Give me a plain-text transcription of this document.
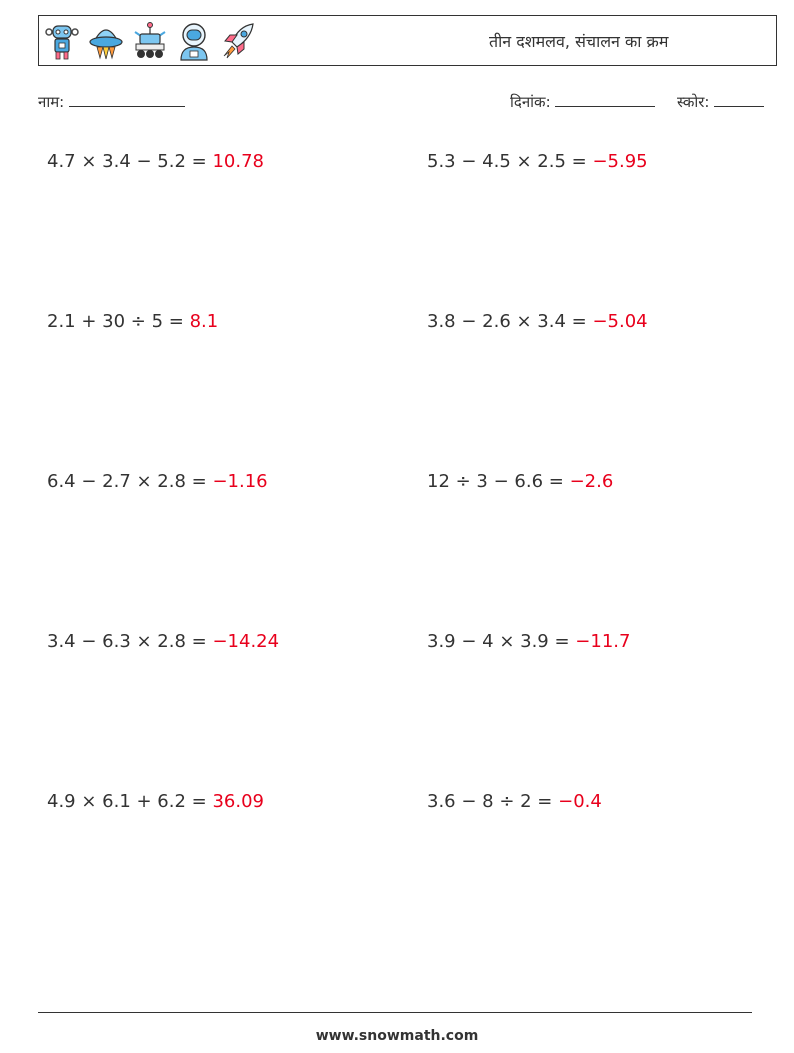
तीन दशमलव, संचालन का क्रम
नाम:	दिनांक:	स्कोर:
4.7 × 3.4 − 5.2 = 10.78	5.3 − 4.5 × 2.5 = −5.95
2.1 + 30 ÷ 5 = 8.1	3.8 − 2.6 × 3.4 = −5.04
6.4 − 2.7 × 2.8 = −1.16	12 ÷ 3 − 6.6 = −2.6
3.4 − 6.3 × 2.8 = −14.24	3.9 − 4 × 3.9 = −11.7
4.9 × 6.1 + 6.2 = 36.09	3.6 − 8 ÷ 2 = −0.4
www.snowmath.com
